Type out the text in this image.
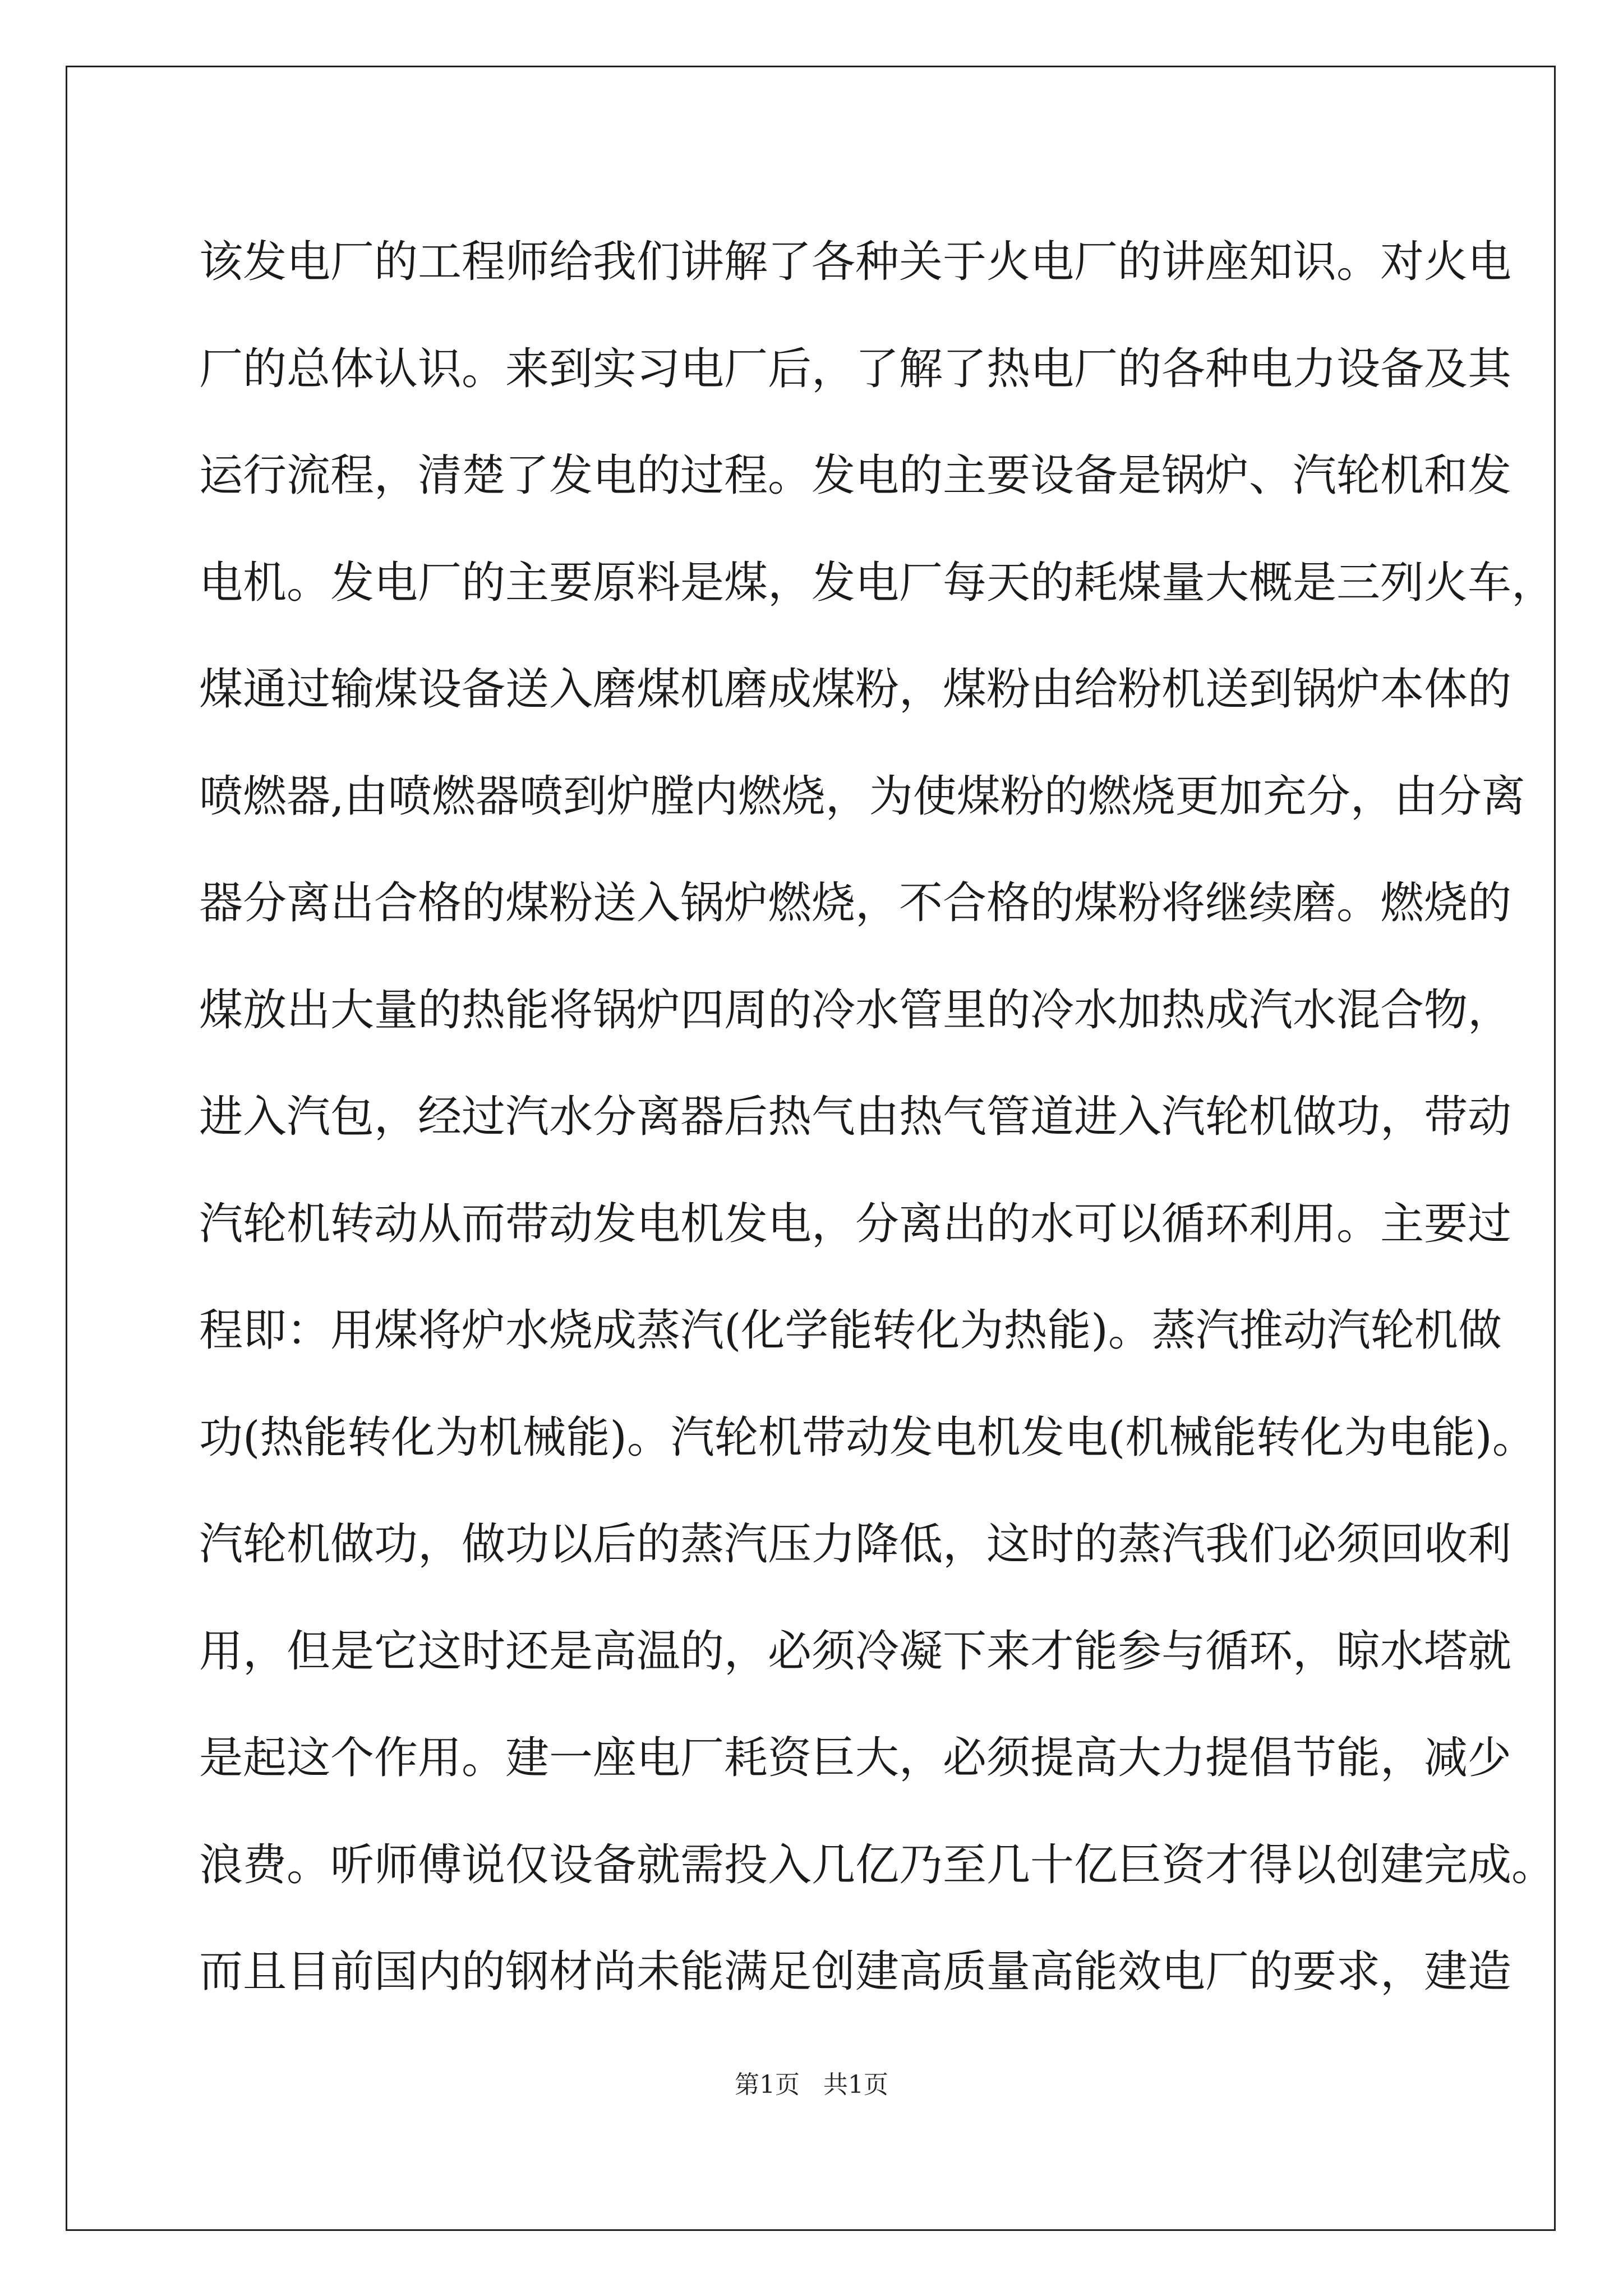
该发电厂的工程师给我们讲解了各种关于火电厂的讲座知识。对火电
厂的总体认识。来到实习电厂后，了解了热电厂的各种电力设备及其
运行流程，清楚了发电的过程。发电的主要设备是锅炉、汽轮机和发
电机。发电厂的主要原料是煤，发电厂每天的耗煤量大概是三列火车，
煤通过输煤设备送入磨煤机磨成煤粉，煤粉由给粉机送到锅炉本体的
喷燃器,由喷燃器喷到炉膛内燃烧，为使煤粉的燃烧更加充分，由分离
器分离出合格的煤粉送入锅炉燃烧，不合格的煤粉将继续磨。燃烧的
煤放出大量的热能将锅炉四周的冷水管里的冷水加热成汽水混合物，
进入汽包，经过汽水分离器后热气由热气管道进入汽轮机做功，带动
汽轮机转动从而带动发电机发电，分离出的水可以循环利用。主要过
程即：用煤将炉水烧成蒸汽(化学能转化为热能)。蒸汽推动汽轮机做
功(热能转化为机械能)。汽轮机带动发电机发电(机械能转化为电能)。
汽轮机做功，做功以后的蒸汽压力降低，这时的蒸汽我们必须回收利
用，但是它这时还是高温的，必须冷凝下来才能参与循环，晾水塔就
是起这个作用。建一座电厂耗资巨大，必须提高大力提倡节能，减少
浪费。听师傅说仅设备就需投入几亿乃至几十亿巨资才得以创建完成。
而且目前国内的钢材尚未能满足创建高质量高能效电厂的要求，建造
第1页   共1页
